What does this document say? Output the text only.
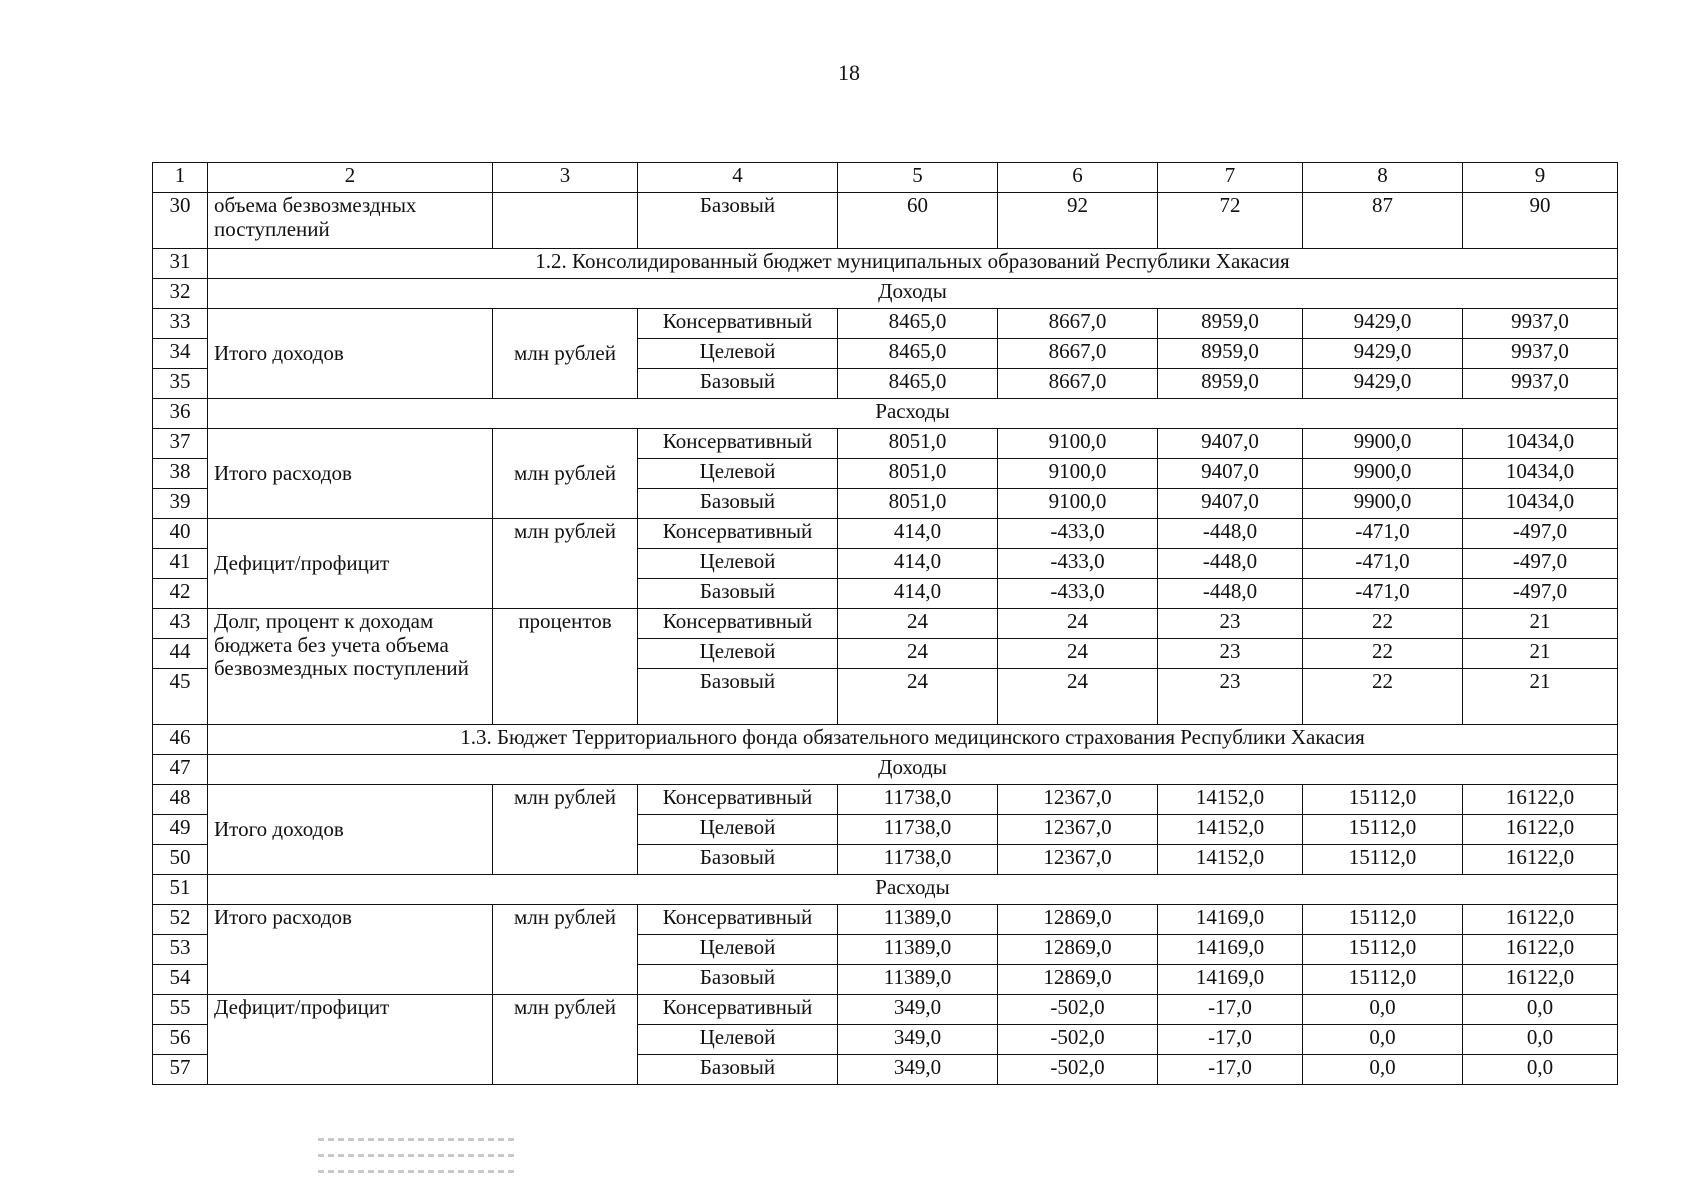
18
1	2	3	4	5	6	7	8	9
30	объема безвозмездных поступлений		Базовый	60	92	72	87	90
31	1.2. Консолидированный бюджет муниципальных образований Республики Хакасия							
32	Доходы							
33	Итого доходов	млн рублей	Консервативный	8465,0	8667,0	8959,0	9429,0	9937,0
34			Целевой	8465,0	8667,0	8959,0	9429,0	9937,0
35			Базовый	8465,0	8667,0	8959,0	9429,0	9937,0
36	Расходы							
37	Итого расходов	млн рублей	Консервативный	8051,0	9100,0	9407,0	9900,0	10434,0
38			Целевой	8051,0	9100,0	9407,0	9900,0	10434,0
39			Базовый	8051,0	9100,0	9407,0	9900,0	10434,0
40	Дефицит/профицит	млн рублей	Консервативный	414,0	-433,0	-448,0	-471,0	-497,0
41			Целевой	414,0	-433,0	-448,0	-471,0	-497,0
42			Базовый	414,0	-433,0	-448,0	-471,0	-497,0
43	Долг, процент к доходам бюджета без учета объема безвозмездных поступлений	процентов	Консервативный	24	24	23	22	21
44			Целевой	24	24	23	22	21
45			Базовый	24	24	23	22	21
46	1.3. Бюджет Территориального фонда обязательного медицинского страхования Республики Хакасия							
47	Доходы							
48	Итого доходов	млн рублей	Консервативный	11738,0	12367,0	14152,0	15112,0	16122,0
49			Целевой	11738,0	12367,0	14152,0	15112,0	16122,0
50			Базовый	11738,0	12367,0	14152,0	15112,0	16122,0
51	Расходы							
52	Итого расходов	млн рублей	Консервативный	11389,0	12869,0	14169,0	15112,0	16122,0
53			Целевой	11389,0	12869,0	14169,0	15112,0	16122,0
54			Базовый	11389,0	12869,0	14169,0	15112,0	16122,0
55	Дефицит/профицит	млн рублей	Консервативный	349,0	-502,0	-17,0	0,0	0,0
56			Целевой	349,0	-502,0	-17,0	0,0	0,0
57			Базовый	349,0	-502,0	-17,0	0,0	0,0
